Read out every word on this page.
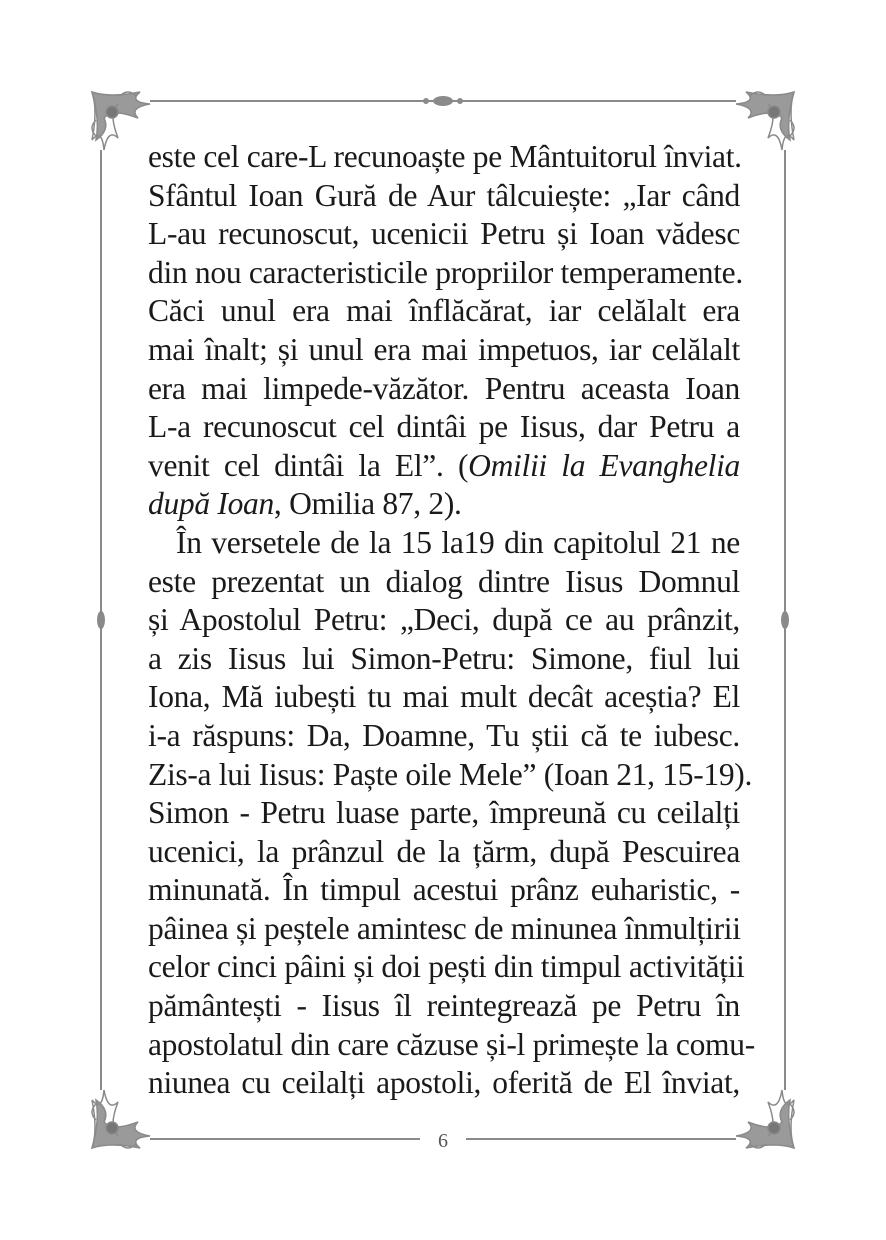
este cel care-L recunoaște pe Mântuitorul înviat.
Sfântul Ioan Gură de Aur tâlcuiește: „Iar când
L-au recunoscut, ucenicii Petru și Ioan vădesc
din nou caracteristicile propriilor temperamente.
Căci unul era mai înflăcărat, iar celălalt era
mai înalt; și unul era mai impetuos, iar celălalt
era mai limpede-văzător. Pentru aceasta Ioan
L-a recunoscut cel dintâi pe Iisus, dar Petru a
venit cel dintâi la El”. (Omilii la Evanghelia
după Ioan, Omilia 87, 2).
În versetele de la 15 la19 din capitolul 21 ne
este prezentat un dialog dintre Iisus Domnul
și Apostolul Petru: „Deci, după ce au prânzit,
a zis Iisus lui Simon-Petru: Simone, fiul lui
Iona, Mă iubești tu mai mult decât aceștia? El
i-a răspuns: Da, Doamne, Tu știi că te iubesc.
Zis-a lui Iisus: Paște oile Mele” (Ioan 21, 15-19).
Simon - Petru luase parte, împreună cu ceilalți
ucenici, la prânzul de la țărm, după Pescuirea
minunată. În timpul acestui prânz euharistic, -
pâinea și peștele amintesc de minunea înmulțirii
celor cinci pâini și doi pești din timpul activității
pământești - Iisus îl reintegrează pe Petru în
apostolatul din care căzuse și-l primește la comu-
niunea cu ceilalți apostoli, oferită de El înviat,
6
